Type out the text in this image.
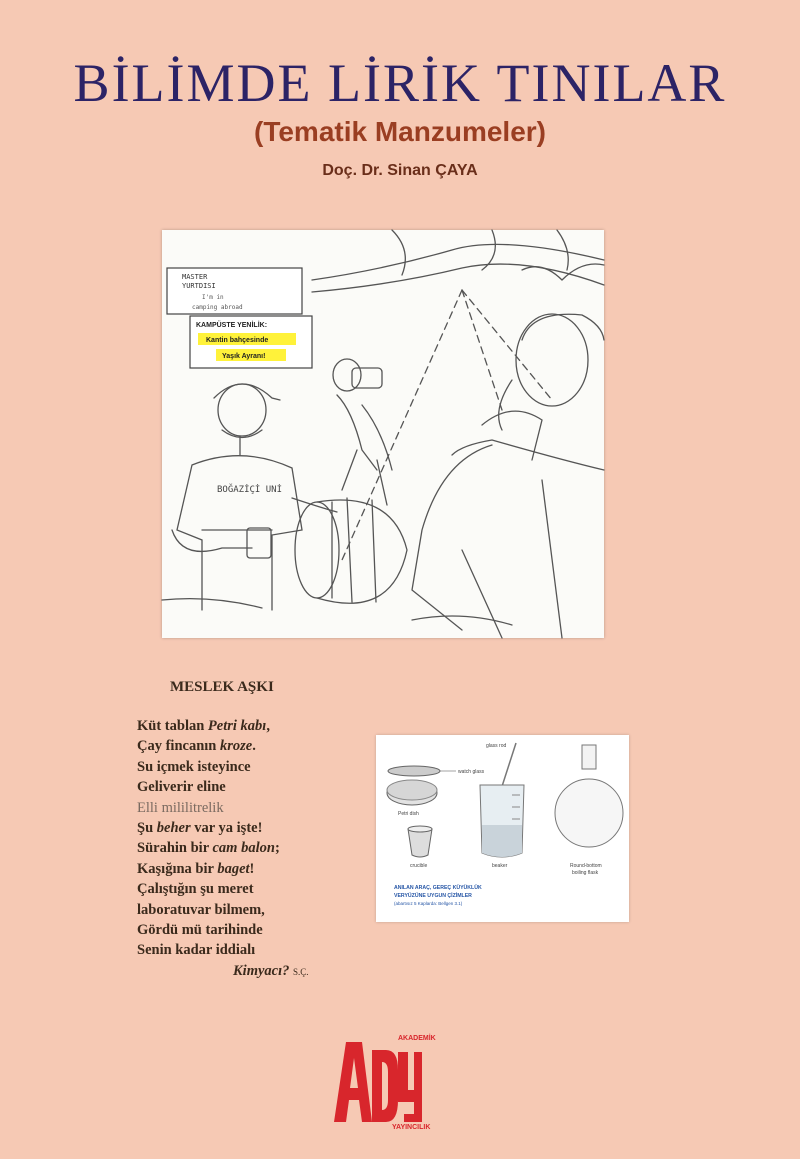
BİLİMDE LİRİK TINILAR
(Tematik Manzumeler)
Doç. Dr. Sinan ÇAYA
MASTER
YURTDISI
I'm in
camping abroad
KAMPÜSTE YENİLİK:
Kantin bahçesinde
Yaşık Ayranı!
BOĞAZİÇİ UNİ
MESLEK AŞKI
Küt tablan Petri kabı,
Çay fincanın kroze.
Su içmek isteyince
Geliverir eline
Elli mililitrelik
Şu beher var ya işte!
Sürahin bir cam balon;
Kaşığına bir baget!
Çalıştığın şu meret
laboratuvar bilmem,
Gördü mü tarihinde
Senin kadar iddialı
Kimyacı? S.Ç.
watch glass
Petri dish
crucible
glass rod
beaker	Round-bottom
boiling flask
ANILAN ARAÇ, GEREÇ KÜYÜKLÜK
VERYÜZÜNE UYGUN ÇİZİMLER
(abartısız 5 Kaplarda: Bellgen 3.1)
AKADEMİK
YAYINCILIK
